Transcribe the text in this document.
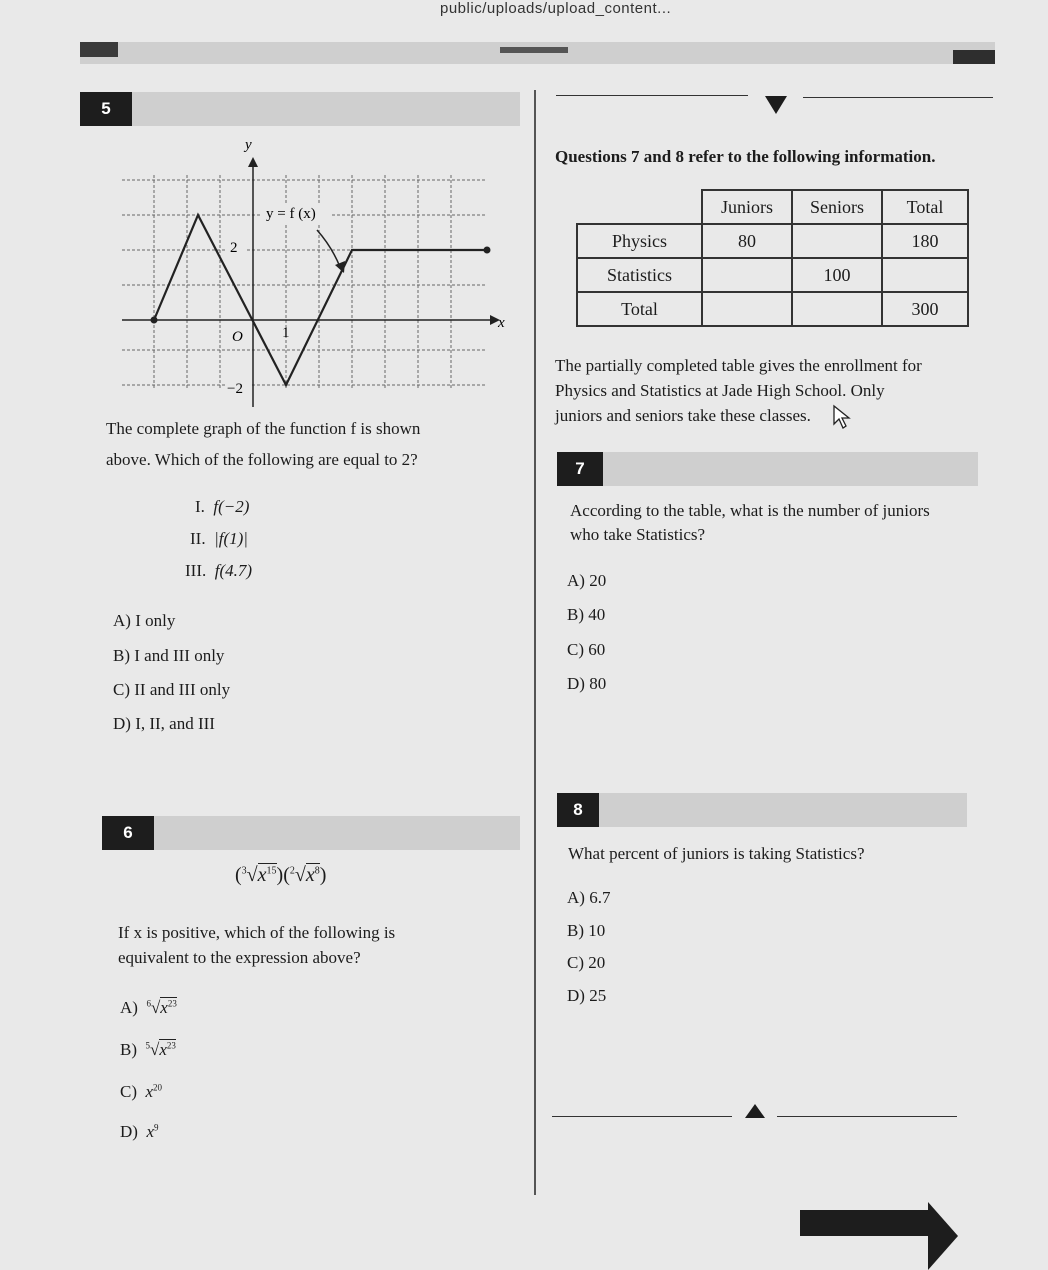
public/uploads/upload_content...
5
y
x
y = f (x)
2
−2
O	1
The complete graph of the function f is shown
above. Which of the following are equal to 2?
I. f(−2)
II. |f(1)|
III. f(4.7)
A) I only
B) I and III only
C) II and III only
D) I, II, and III
6
$(^3√x^{15})(^2√x^8)$
If x is positive, which of the following is
equivalent to the expression above?
A) $^6√x^{23}$
B) $^5√x^{23}$
C) $x^{20}$
D) $x^9$
Questions 7 and 8 refer to the following information.
	Juniors	Seniors	Total
Physics	80		180
Statistics		100	
Total			300
The partially completed table gives the enrollment for
Physics and Statistics at Jade High School. Only
juniors and seniors take these classes.
7
According to the table, what is the number of juniors
who take Statistics?
A) 20
B) 40
C) 60
D) 80
8
What percent of juniors is taking Statistics?
A) 6.7
B) 10
C) 20
D) 25
